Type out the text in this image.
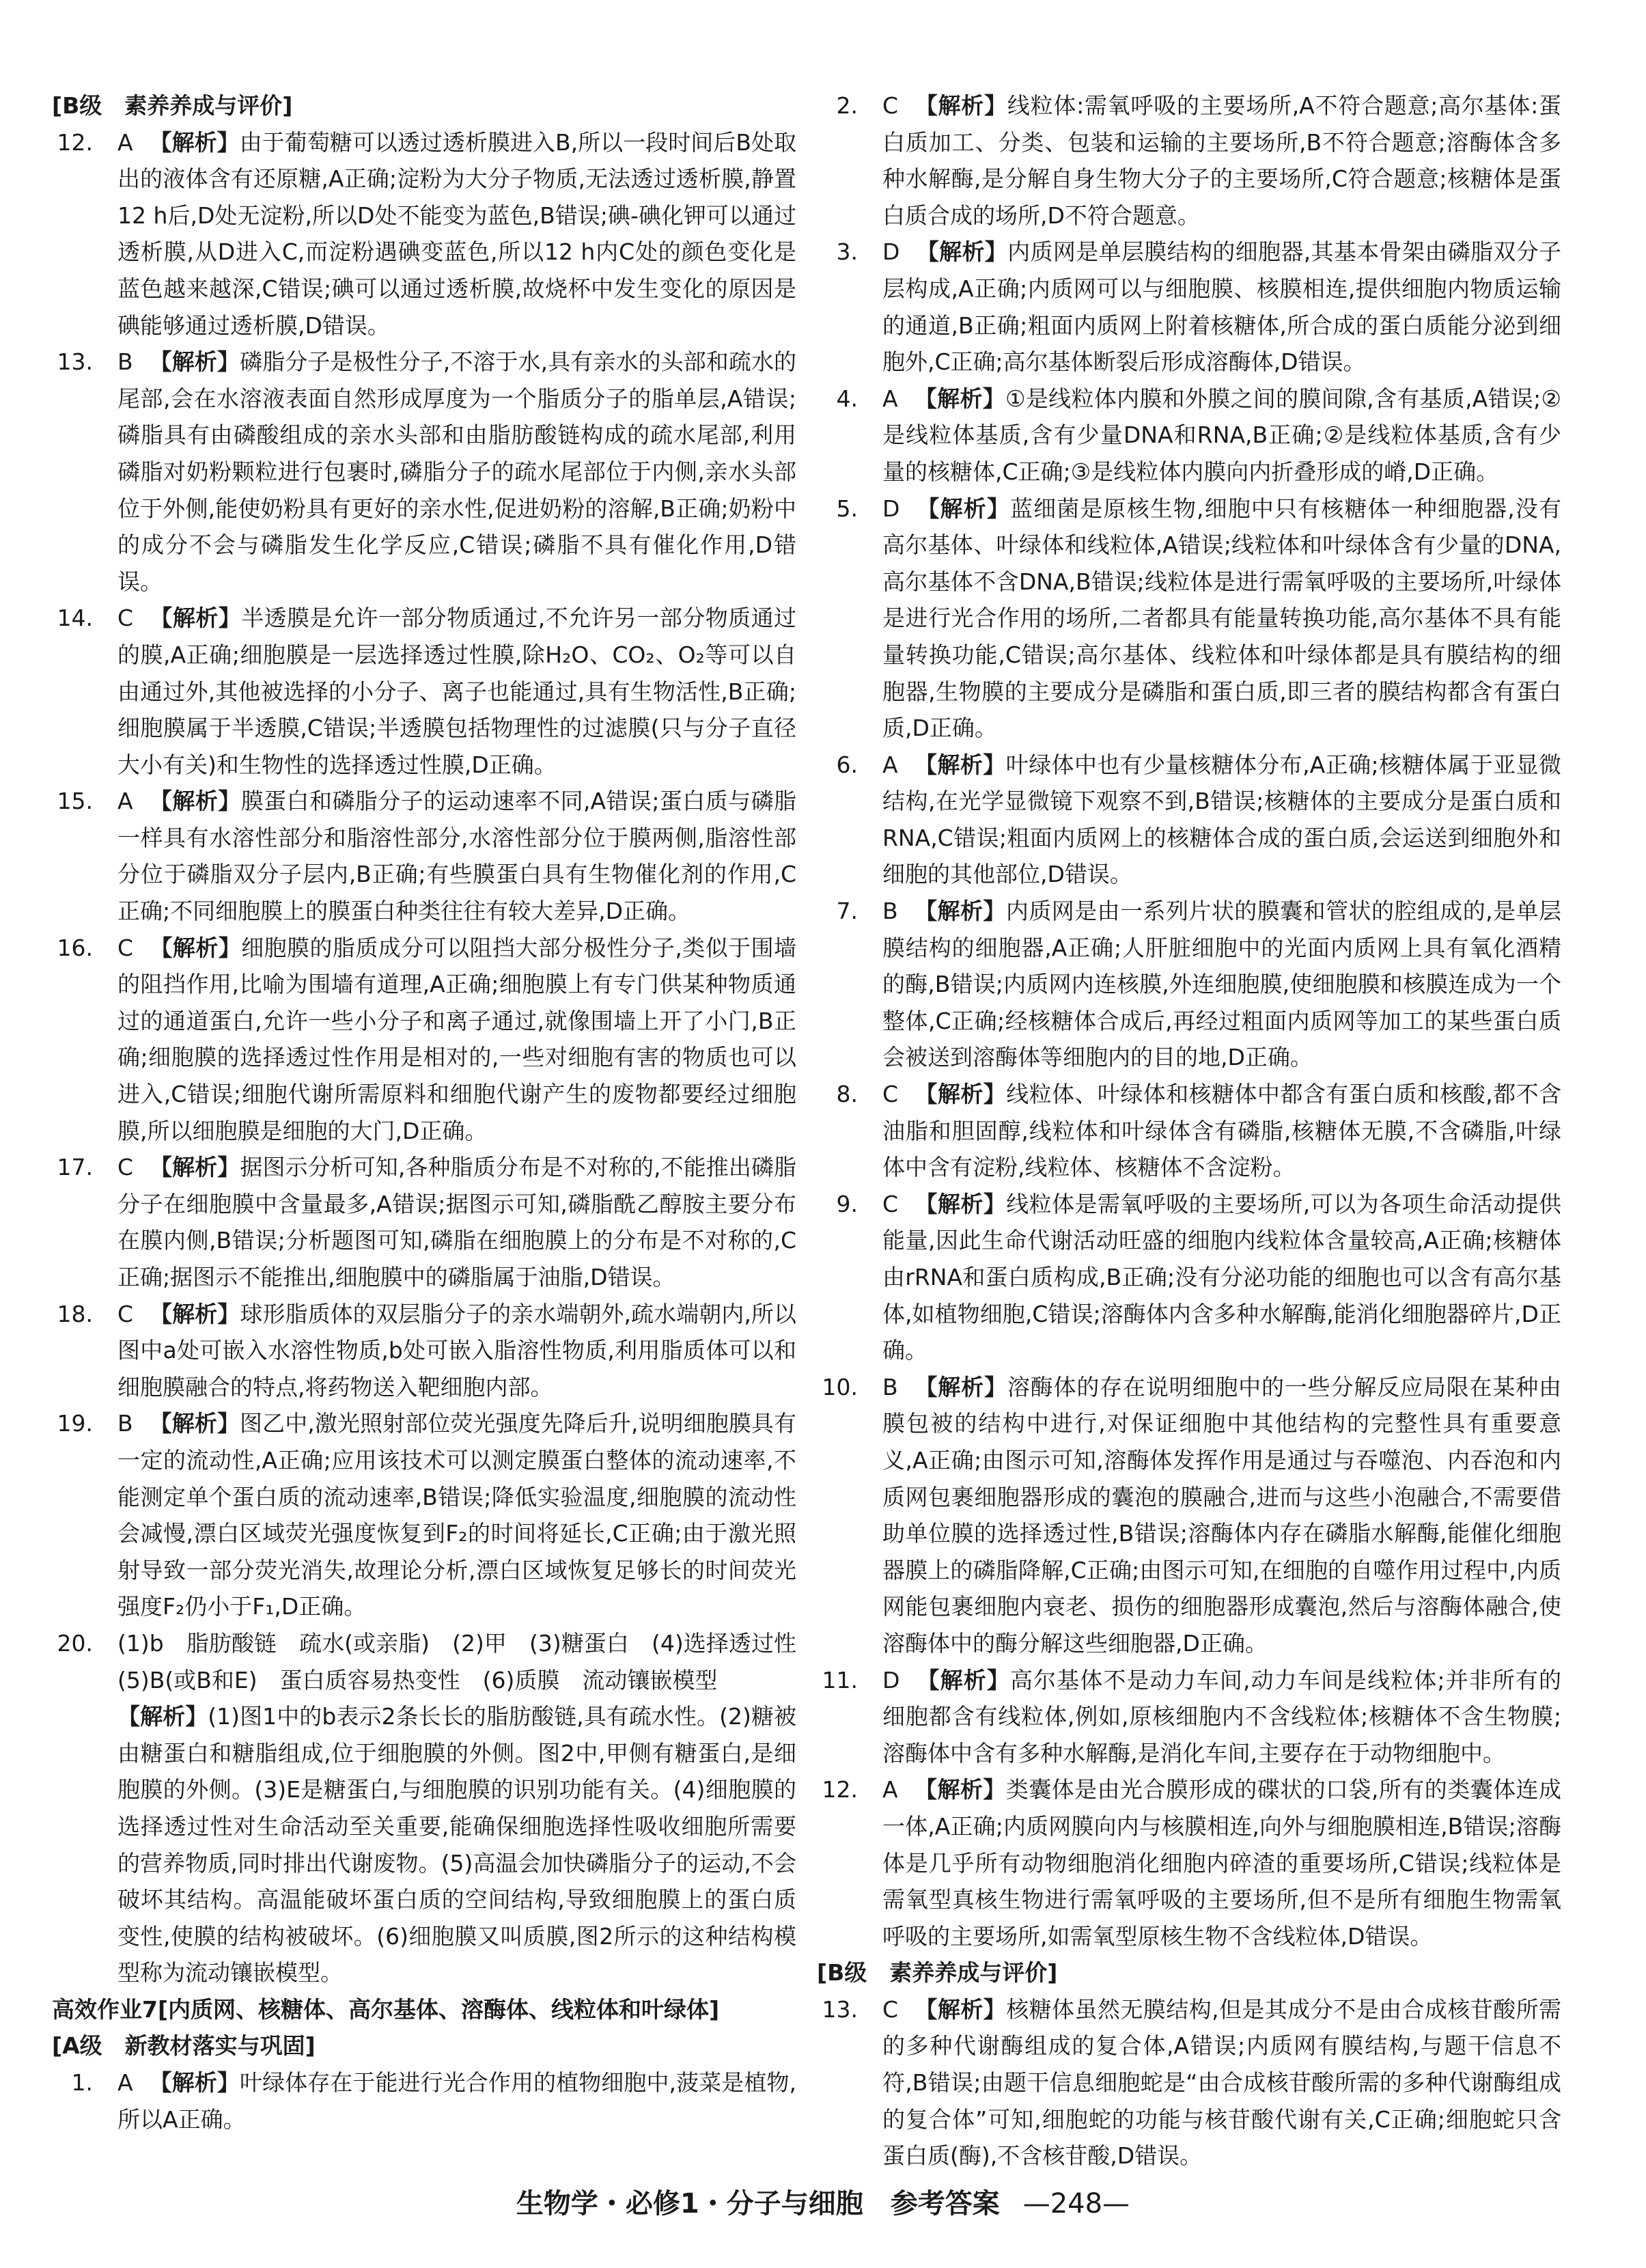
[B级　素养养成与评价]

12. A 【解析】由于葡萄糖可以透过透析膜进入B,所以一段时间后B处取出的液体含有还原糖,A正确;淀粉为大分子物质,无法透过透析膜,静置12 h后,D处无淀粉,所以D处不能变为蓝色,B错误;碘-碘化钾可以通过透析膜,从D进入C,而淀粉遇碘变蓝色,所以12 h内C处的颜色变化是蓝色越来越深,C错误;碘可以通过透析膜,故烧杯中发生变化的原因是碘能够通过透析膜,D错误。

13. B 【解析】磷脂分子是极性分子,不溶于水,具有亲水的头部和疏水的尾部,会在水溶液表面自然形成厚度为一个脂质分子的脂单层,A错误;磷脂具有由磷酸组成的亲水头部和由脂肪酸链构成的疏水尾部,利用磷脂对奶粉颗粒进行包裹时,磷脂分子的疏水尾部位于内侧,亲水头部位于外侧,能使奶粉具有更好的亲水性,促进奶粉的溶解,B正确;奶粉中的成分不会与磷脂发生化学反应,C错误;磷脂不具有催化作用,D错误。

14. C 【解析】半透膜是允许一部分物质通过,不允许另一部分物质通过的膜,A正确;细胞膜是一层选择透过性膜,除H₂O、CO₂、O₂等可以自由通过外,其他被选择的小分子、离子也能通过,具有生物活性,B正确;细胞膜属于半透膜,C错误;半透膜包括物理性的过滤膜(只与分子直径大小有关)和生物性的选择透过性膜,D正确。

15. A 【解析】膜蛋白和磷脂分子的运动速率不同,A错误;蛋白质与磷脂一样具有水溶性部分和脂溶性部分,水溶性部分位于膜两侧,脂溶性部分位于磷脂双分子层内,B正确;有些膜蛋白具有生物催化剂的作用,C正确;不同细胞膜上的膜蛋白种类往往有较大差异,D正确。

16. C 【解析】细胞膜的脂质成分可以阻挡大部分极性分子,类似于围墙的阻挡作用,比喻为围墙有道理,A正确;细胞膜上有专门供某种物质通过的通道蛋白,允许一些小分子和离子通过,就像围墙上开了小门,B正确;细胞膜的选择透过性作用是相对的,一些对细胞有害的物质也可以进入,C错误;细胞代谢所需原料和细胞代谢产生的废物都要经过细胞膜,所以细胞膜是细胞的大门,D正确。

17. C 【解析】据图示分析可知,各种脂质分布是不对称的,不能推出磷脂分子在细胞膜中含量最多,A错误;据图示可知,磷脂酰乙醇胺主要分布在膜内侧,B错误;分析题图可知,磷脂在细胞膜上的分布是不对称的,C正确;据图示不能推出,细胞膜中的磷脂属于油脂,D错误。

18. C 【解析】球形脂质体的双层脂分子的亲水端朝外,疏水端朝内,所以图中a处可嵌入水溶性物质,b处可嵌入脂溶性物质,利用脂质体可以和细胞膜融合的特点,将药物送入靶细胞内部。

19. B 【解析】图乙中,激光照射部位荧光强度先降后升,说明细胞膜具有一定的流动性,A正确;应用该技术可以测定膜蛋白整体的流动速率,不能测定单个蛋白质的流动速率,B错误;降低实验温度,细胞膜的流动性会减慢,漂白区域荧光强度恢复到F₂的时间将延长,C正确;由于激光照射导致一部分荧光消失,故理论分析,漂白区域恢复足够长的时间荧光强度F₂仍小于F₁,D正确。

20. (1)b　脂肪酸链　疏水(或亲脂)　(2)甲　(3)糖蛋白　(4)选择透过性　(5)B(或B和E)　蛋白质容易热变性　(6)质膜　流动镶嵌模型

【解析】(1)图1中的b表示2条长长的脂肪酸链,具有疏水性。(2)糖被由糖蛋白和糖脂组成,位于细胞膜的外侧。图2中,甲侧有糖蛋白,是细胞膜的外侧。(3)E是糖蛋白,与细胞膜的识别功能有关。(4)细胞膜的选择透过性对生命活动至关重要,能确保细胞选择性吸收细胞所需要的营养物质,同时排出代谢废物。(5)高温会加快磷脂分子的运动,不会破坏其结构。高温能破坏蛋白质的空间结构,导致细胞膜上的蛋白质变性,使膜的结构被破坏。(6)细胞膜又叫质膜,图2所示的这种结构模型称为流动镶嵌模型。

高效作业7[内质网、核糖体、高尔基体、溶酶体、线粒体和叶绿体]

[A级　新教材落实与巩固]

1. A 【解析】叶绿体存在于能进行光合作用的植物细胞中,菠菜是植物,所以A正确。

2. C 【解析】线粒体:需氧呼吸的主要场所,A不符合题意;高尔基体:蛋白质加工、分类、包装和运输的主要场所,B不符合题意;溶酶体含多种水解酶,是分解自身生物大分子的主要场所,C符合题意;核糖体是蛋白质合成的场所,D不符合题意。

3. D 【解析】内质网是单层膜结构的细胞器,其基本骨架由磷脂双分子层构成,A正确;内质网可以与细胞膜、核膜相连,提供细胞内物质运输的通道,B正确;粗面内质网上附着核糖体,所合成的蛋白质能分泌到细胞外,C正确;高尔基体断裂后形成溶酶体,D错误。

4. A 【解析】①是线粒体内膜和外膜之间的膜间隙,含有基质,A错误;②是线粒体基质,含有少量DNA和RNA,B正确;②是线粒体基质,含有少量的核糖体,C正确;③是线粒体内膜向内折叠形成的嵴,D正确。

5. D 【解析】蓝细菌是原核生物,细胞中只有核糖体一种细胞器,没有高尔基体、叶绿体和线粒体,A错误;线粒体和叶绿体含有少量的DNA,高尔基体不含DNA,B错误;线粒体是进行需氧呼吸的主要场所,叶绿体是进行光合作用的场所,二者都具有能量转换功能,高尔基体不具有能量转换功能,C错误;高尔基体、线粒体和叶绿体都是具有膜结构的细胞器,生物膜的主要成分是磷脂和蛋白质,即三者的膜结构都含有蛋白质,D正确。

6. A 【解析】叶绿体中也有少量核糖体分布,A正确;核糖体属于亚显微结构,在光学显微镜下观察不到,B错误;核糖体的主要成分是蛋白质和RNA,C错误;粗面内质网上的核糖体合成的蛋白质,会运送到细胞外和细胞的其他部位,D错误。

7. B 【解析】内质网是由一系列片状的膜囊和管状的腔组成的,是单层膜结构的细胞器,A正确;人肝脏细胞中的光面内质网上具有氧化酒精的酶,B错误;内质网内连核膜,外连细胞膜,使细胞膜和核膜连成为一个整体,C正确;经核糖体合成后,再经过粗面内质网等加工的某些蛋白质会被送到溶酶体等细胞内的目的地,D正确。

8. C 【解析】线粒体、叶绿体和核糖体中都含有蛋白质和核酸,都不含油脂和胆固醇,线粒体和叶绿体含有磷脂,核糖体无膜,不含磷脂,叶绿体中含有淀粉,线粒体、核糖体不含淀粉。

9. C 【解析】线粒体是需氧呼吸的主要场所,可以为各项生命活动提供能量,因此生命代谢活动旺盛的细胞内线粒体含量较高,A正确;核糖体由rRNA和蛋白质构成,B正确;没有分泌功能的细胞也可以含有高尔基体,如植物细胞,C错误;溶酶体内含多种水解酶,能消化细胞器碎片,D正确。

10. B 【解析】溶酶体的存在说明细胞中的一些分解反应局限在某种由膜包被的结构中进行,对保证细胞中其他结构的完整性具有重要意义,A正确;由图示可知,溶酶体发挥作用是通过与吞噬泡、内吞泡和内质网包裹细胞器形成的囊泡的膜融合,进而与这些小泡融合,不需要借助单位膜的选择透过性,B错误;溶酶体内存在磷脂水解酶,能催化细胞器膜上的磷脂降解,C正确;由图示可知,在细胞的自噬作用过程中,内质网能包裹细胞内衰老、损伤的细胞器形成囊泡,然后与溶酶体融合,使溶酶体中的酶分解这些细胞器,D正确。

11. D 【解析】高尔基体不是动力车间,动力车间是线粒体;并非所有的细胞都含有线粒体,例如,原核细胞内不含线粒体;核糖体不含生物膜;溶酶体中含有多种水解酶,是消化车间,主要存在于动物细胞中。

12. A 【解析】类囊体是由光合膜形成的碟状的口袋,所有的类囊体连成一体,A正确;内质网膜向内与核膜相连,向外与细胞膜相连,B错误;溶酶体是几乎所有动物细胞消化细胞内碎渣的重要场所,C错误;线粒体是需氧型真核生物进行需氧呼吸的主要场所,但不是所有细胞生物需氧呼吸的主要场所,如需氧型原核生物不含线粒体,D错误。

[B级　素养养成与评价]

13. C 【解析】核糖体虽然无膜结构,但是其成分不是由合成核苷酸所需的多种代谢酶组成的复合体,A错误;内质网有膜结构,与题干信息不符,B错误;由题干信息细胞蛇是“由合成核苷酸所需的多种代谢酶组成的复合体”可知,细胞蛇的功能与核苷酸代谢有关,C正确;细胞蛇只含蛋白质(酶),不含核苷酸,D错误。

生物学・必修1・分子与细胞　参考答案 —248—
